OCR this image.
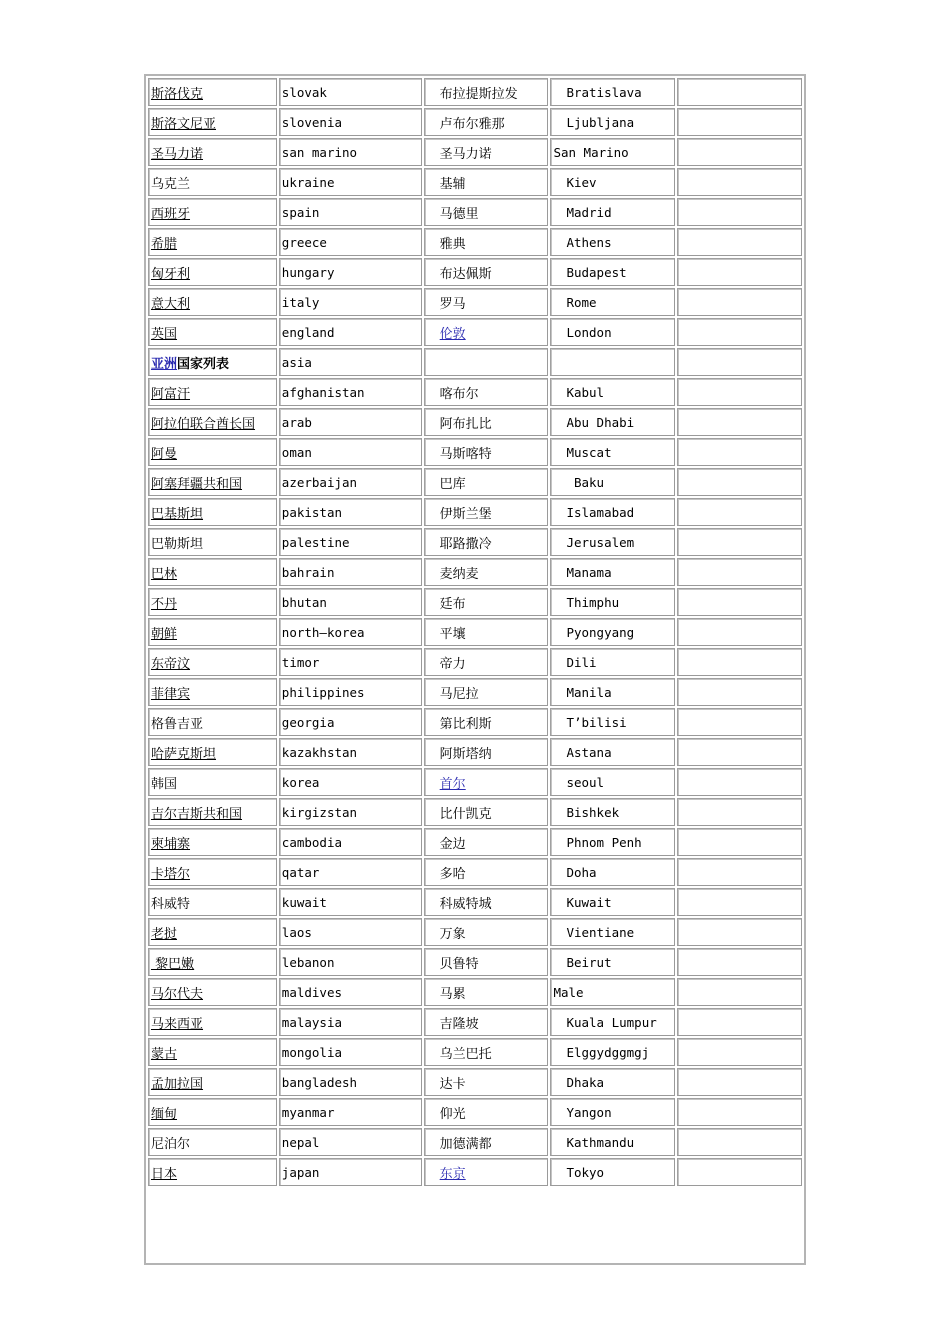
斯洛伐克	slovak	布拉提斯拉发	Bratislava	
斯洛文尼亚	slovenia	卢布尔雅那	Ljubljana	
圣马力诺	san marino	圣马力诺	San Marino	
乌克兰	ukraine	基辅	Kiev	
西班牙	spain	马德里	Madrid	
希腊	greece	雅典	Athens	
匈牙利	hungary	布达佩斯	Budapest	
意大利	italy	罗马	Rome	
英国	england	伦敦	London	
亚洲国家列表	asia			
阿富汗	afghanistan	喀布尔	Kabul	
阿拉伯联合酋长国	arab	阿布扎比	Abu Dhabi	
阿曼	oman	马斯喀特	Muscat	
阿塞拜疆共和国	azerbaijan	巴库	Baku	
巴基斯坦	pakistan	伊斯兰堡	Islamabad	
巴勒斯坦	palestine	耶路撒冷	Jerusalem	
巴林	bahrain	麦纳麦	Manama	
不丹	bhutan	廷布	Thimphu	
朝鲜	north—korea	平壤	Pyongyang	
东帝汶	timor	帝力	Dili	
菲律宾	philippines	马尼拉	Manila	
格鲁吉亚	georgia	第比利斯	T’bilisi	
哈萨克斯坦	kazakhstan	阿斯塔纳	Astana	
韩国	korea	首尔	seoul	
吉尔吉斯共和国	kirgizstan	比什凯克	Bishkek	
柬埔寨	cambodia	金边	Phnom Penh	
卡塔尔	qatar	多哈	Doha	
科威特	kuwait	科威特城	Kuwait	
老挝	laos	万象	Vientiane	
黎巴嫩	lebanon	贝鲁特	Beirut	
马尔代夫	maldives	马累	Male	
马来西亚	malaysia	吉隆坡	Kuala Lumpur	
蒙古	mongolia	乌兰巴托	Elggydggmgj	
孟加拉国	bangladesh	达卡	Dhaka	
缅甸	myanmar	仰光	Yangon	
尼泊尔	nepal	加德满都	Kathmandu	
日本	japan	东京	Tokyo	
